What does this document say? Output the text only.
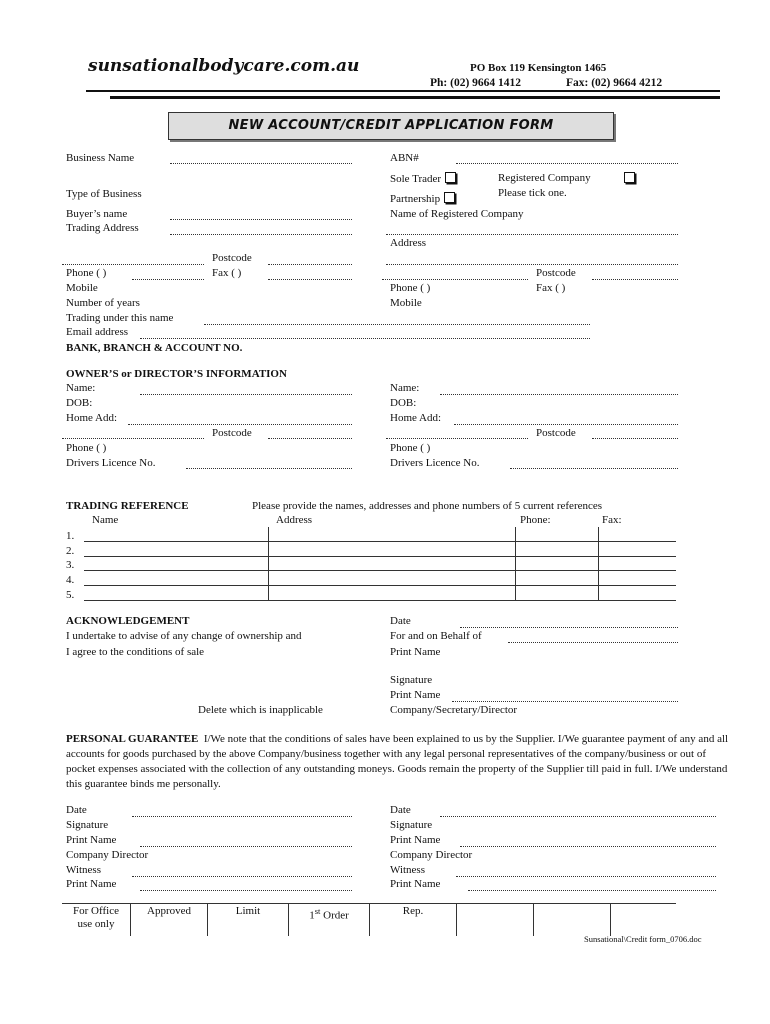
sunsationalbodycare.com.au	PO Box 119 Kensington 1465
Ph: (02) 9664 1412	Fax: (02) 9664 4212
NEW ACCOUNT/CREDIT APPLICATION FORM
Business Name
Type of Business
Buyer’s name
Trading Address
Postcode
Phone ( )	Fax ( )
Mobile
Number of years
Trading under this name
Email address
BANK, BRANCH & ACCOUNT NO.
ABN#
Sole Trader	Registered Company
Partnership	Please tick one.
Name of Registered Company
Address
Postcode
Phone ( )	Fax ( )
Mobile
OWNER’S or DIRECTOR’S INFORMATION
Name:
DOB:
Home Add:
Postcode
Phone ( )
Drivers Licence No.
Name:
DOB:
Home Add:
Postcode
Phone ( )
Drivers Licence No.
TRADING REFERENCE	Please provide the names, addresses and phone numbers of 5 current references
Name	Address	Phone:	Fax:
1.
2.
3.
4.
5.

ACKNOWLEDGEMENT
I undertake to advise of any change of ownership and
I agree to the conditions of sale
Delete which is inapplicable
Date
For and on Behalf of
Print Name
Signature
Print Name
Company/Secretary/Director

PERSONAL GUARANTEE I/We note that the conditions of sales have been explained to us by the Supplier. I/We guarantee payment of any and all accounts for goods purchased by the above Company/business together with any legal personal representatives of the company/business or out of pocket expenses associated with the collection of any outstanding moneys. Goods remain the property of the Supplier till paid in full. I/We understand this guarantee binds me personally.

Date
Signature
Print Name
Company Director
Witness
Print Name
Date
Signature
Print Name
Company Director
Witness
Print Name
For Office
use only	Approved	Limit	1st Order	Rep.			
Sunsational\Credit form_0706.doc
